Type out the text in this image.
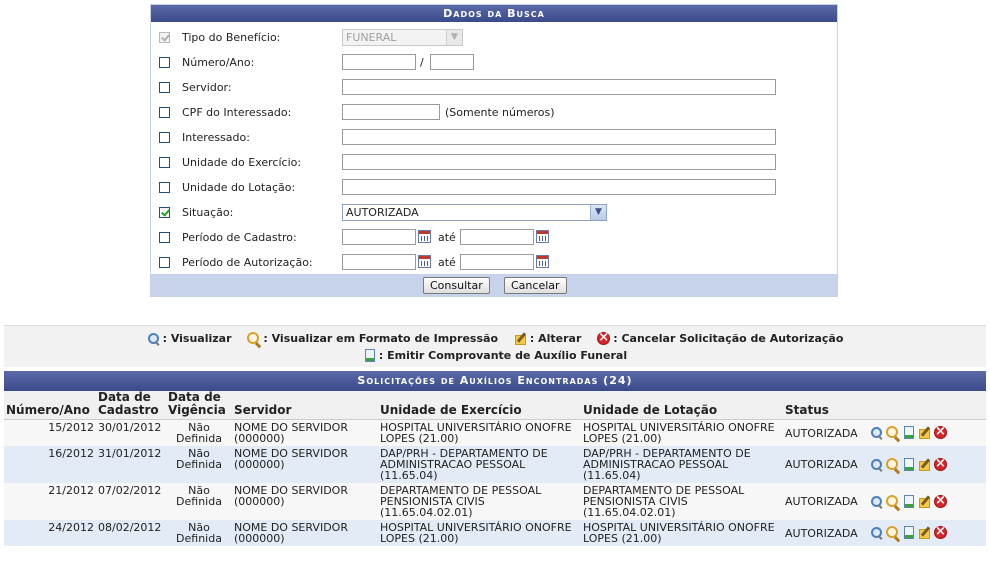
Dados da Busca
Tipo do Benefício:	FUNERAL	▼
Número/Ano:	/
Servidor:
CPF do Interessado:	(Somente números)
Interessado:
Unidade do Exercício:
Unidade do Lotação:
Situação:	AUTORIZADA	▼
Período de Cadastro:	até
Período de Autorização:	até
Consultar	Cancelar
: Visualizar	: Visualizar em Formato de Impressão	: Alterar ×	: Cancelar Solicitação de Autorização
: Emitir Comprovante de Auxílio Funeral
Solicitações de Auxílios Encontradas (24)							
Número/Ano	Data de Cadastro	Data de Vigência	Servidor	Unidade de Exercício	Unidade de Lotação	Status	
15/2012	30/01/2012	Não Definida	NOME DO SERVIDOR (000000)	HOSPITAL UNIVERSITÁRIO ONOFRE LOPES (21.00)	HOSPITAL UNIVERSITÁRIO ONOFRE LOPES (21.00)	AUTORIZADA	×
16/2012	31/01/2012	Não Definida	NOME DO SERVIDOR (000000)	DAP/PRH - DEPARTAMENTO DE ADMINISTRACAO PESSOAL (11.65.04)	DAP/PRH - DEPARTAMENTO DE ADMINISTRACAO PESSOAL (11.65.04)	AUTORIZADA	×
21/2012	07/02/2012	Não Definida	NOME DO SERVIDOR (000000)	DEPARTAMENTO DE PESSOAL PENSIONISTA CIVIS (11.65.04.02.01)	DEPARTAMENTO DE PESSOAL PENSIONISTA CIVIS (11.65.04.02.01)	AUTORIZADA	×
24/2012	08/02/2012	Não Definida	NOME DO SERVIDOR (000000)	HOSPITAL UNIVERSITÁRIO ONOFRE LOPES (21.00)	HOSPITAL UNIVERSITÁRIO ONOFRE LOPES (21.00)	AUTORIZADA	×
